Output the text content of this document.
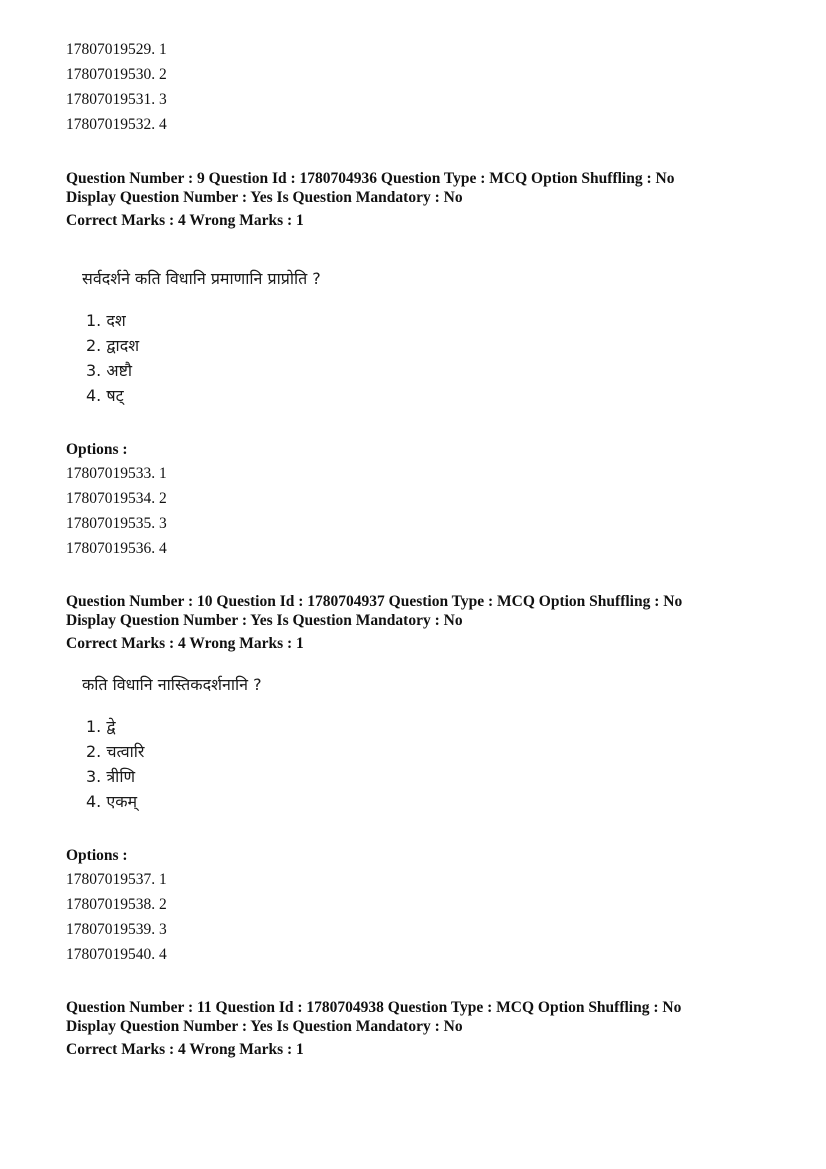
17807019529. 1
17807019530. 2
17807019531. 3
17807019532. 4
Question Number : 9 Question Id : 1780704936 Question Type : MCQ Option Shuffling : No
Display Question Number : Yes Is Question Mandatory : No
Correct Marks : 4 Wrong Marks : 1
सर्वदर्शने कति विधानि प्रमाणानि प्राप्रोति ?
1. दश
2. द्वादश
3. अष्टौ
4. षट्
Options :
17807019533. 1
17807019534. 2
17807019535. 3
17807019536. 4
Question Number : 10 Question Id : 1780704937 Question Type : MCQ Option Shuffling : No
Display Question Number : Yes Is Question Mandatory : No
Correct Marks : 4 Wrong Marks : 1
कति विधानि नास्तिकदर्शनानि ?
1. द्वे
2. चत्वारि
3. त्रीणि
4. एकम्
Options :
17807019537. 1
17807019538. 2
17807019539. 3
17807019540. 4
Question Number : 11 Question Id : 1780704938 Question Type : MCQ Option Shuffling : No
Display Question Number : Yes Is Question Mandatory : No
Correct Marks : 4 Wrong Marks : 1
